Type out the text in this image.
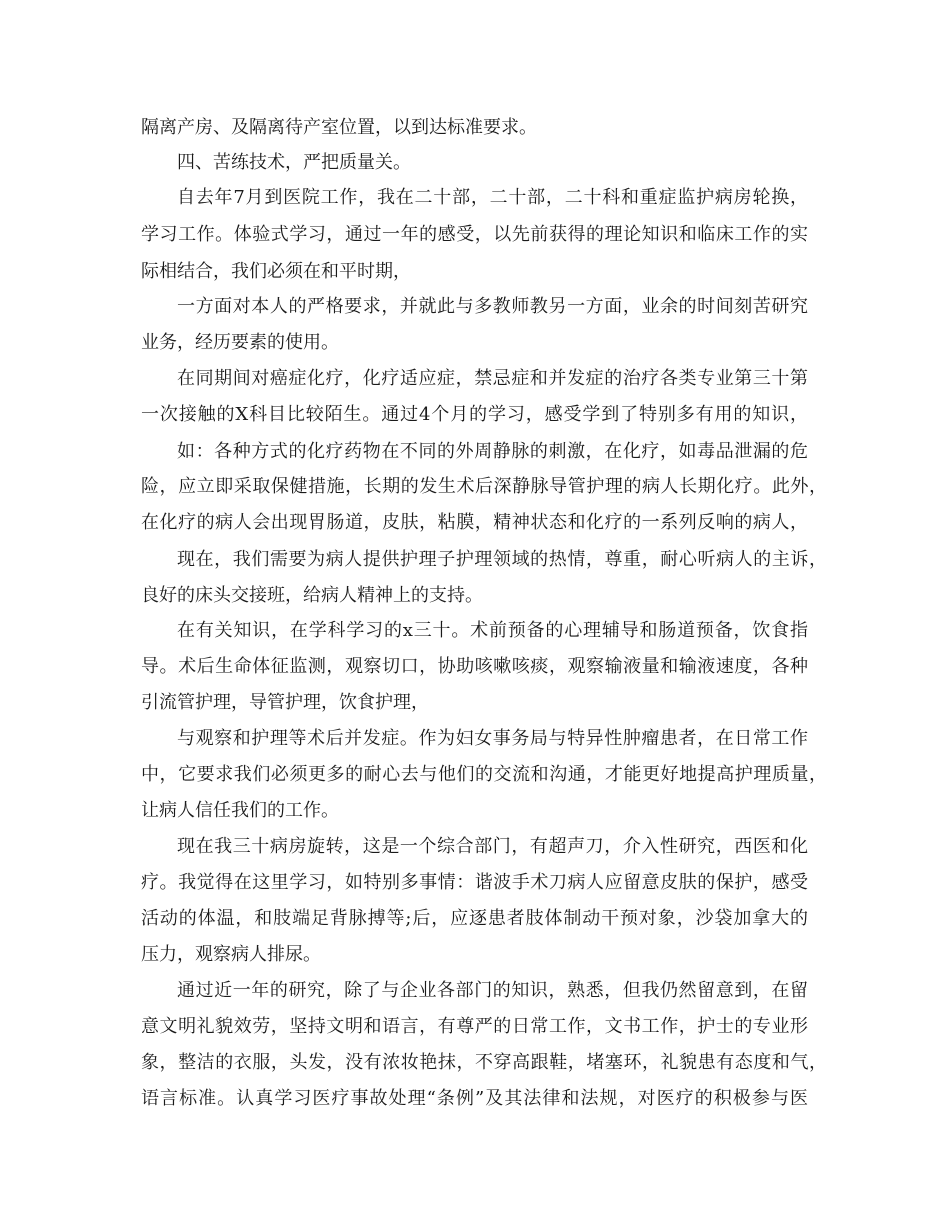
隔离产房、及隔离待产室位置，以到达标准要求。
四、苦练技术，严把质量关。
自去年7月到医院工作，我在二十部，二十部，二十科和重症监护病房轮换，
学习工作。体验式学习，通过一年的感受，以先前获得的理论知识和临床工作的实
际相结合，我们必须在和平时期，
一方面对本人的严格要求，并就此与多教师教另一方面，业余的时间刻苦研究
业务，经历要素的使用。
在同期间对癌症化疗，化疗适应症，禁忌症和并发症的治疗各类专业第三十第
一次接触的X科目比较陌生。通过4个月的学习，感受学到了特别多有用的知识，
如：各种方式的化疗药物在不同的外周静脉的刺激，在化疗，如毒品泄漏的危
险，应立即采取保健措施，长期的发生术后深静脉导管护理的病人长期化疗。此外，
在化疗的病人会出现胃肠道，皮肤，粘膜，精神状态和化疗的一系列反响的病人，
现在，我们需要为病人提供护理子护理领域的热情，尊重，耐心听病人的主诉，
良好的床头交接班，给病人精神上的支持。
在有关知识，在学科学习的x三十。术前预备的心理辅导和肠道预备，饮食指
导。术后生命体征监测，观察切口，协助咳嗽咳痰，观察输液量和输液速度，各种
引流管护理，导管护理，饮食护理，
与观察和护理等术后并发症。作为妇女事务局与特异性肿瘤患者，在日常工作
中，它要求我们必须更多的耐心去与他们的交流和沟通，才能更好地提高护理质量，
让病人信任我们的工作。
现在我三十病房旋转，这是一个综合部门，有超声刀，介入性研究，西医和化
疗。我觉得在这里学习，如特别多事情：谐波手术刀病人应留意皮肤的保护，感受
活动的体温，和肢端足背脉搏等;后，应逐患者肢体制动干预对象，沙袋加拿大的
压力，观察病人排尿。
通过近一年的研究，除了与企业各部门的知识，熟悉，但我仍然留意到，在留
意文明礼貌效劳，坚持文明和语言，有尊严的日常工作，文书工作，护士的专业形
象，整洁的衣服，头发，没有浓妆艳抹，不穿高跟鞋，堵塞环，礼貌患有态度和气，
语言标准。认真学习医疗事故处理“条例”及其法律和法规，对医疗的积极参与医
